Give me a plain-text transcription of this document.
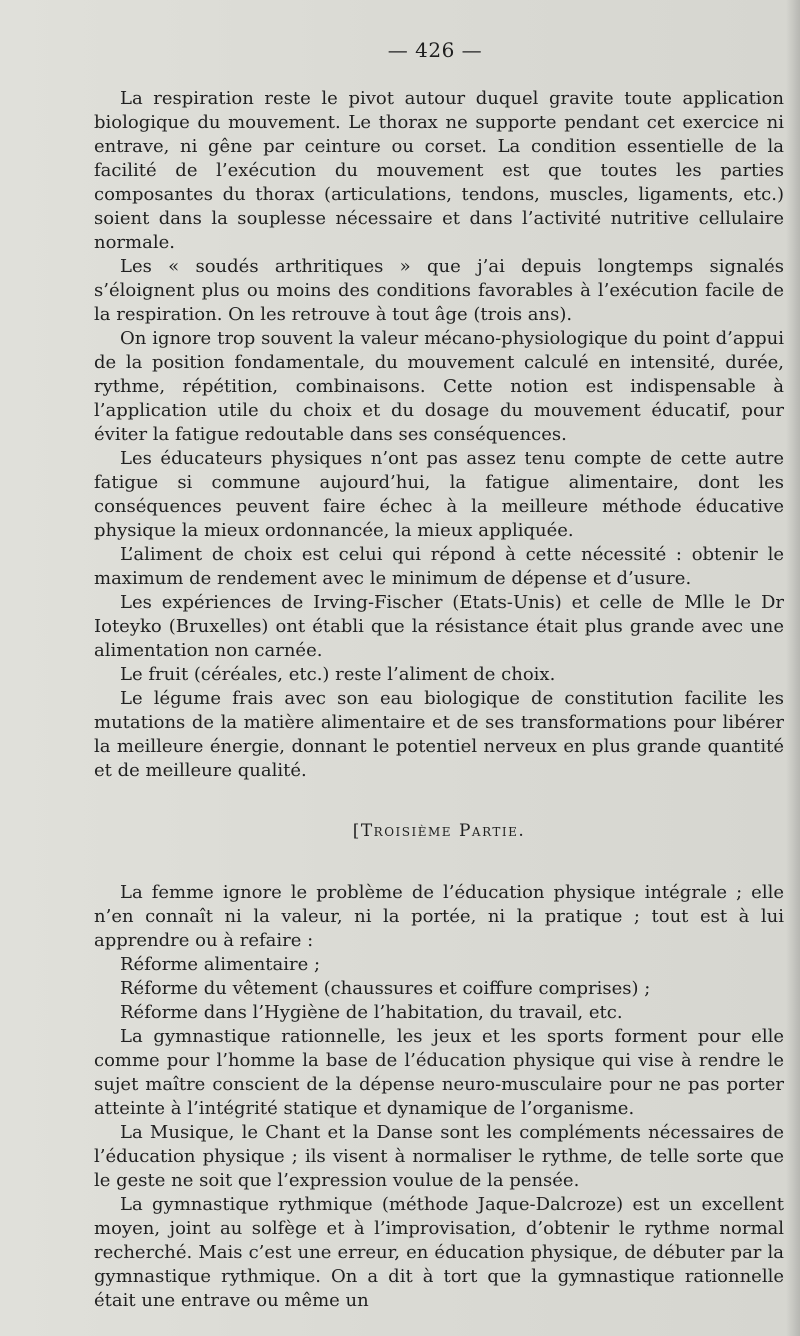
— 426 —

La respiration reste le pivot autour duquel gravite toute application biologique du mouvement. Le thorax ne supporte pendant cet exercice ni entrave, ni gêne par ceinture ou corset. La condition essentielle de la facilité de l’exécution du mouvement est que toutes les parties composantes du thorax (articulations, tendons, muscles, ligaments, etc.) soient dans la souplesse nécessaire et dans l’activité nutritive cellulaire normale.

Les « soudés arthritiques » que j’ai depuis longtemps signalés s’éloignent plus ou moins des conditions favorables à l’exécution facile de la respiration. On les retrouve à tout âge (trois ans).

On ignore trop souvent la valeur mécano-physiologique du point d’appui de la position fondamentale, du mouvement calculé en intensité, durée, rythme, répétition, combinaisons. Cette notion est indispensable à l’application utile du choix et du dosage du mouvement éducatif, pour éviter la fatigue redoutable dans ses conséquences.

Les éducateurs physiques n’ont pas assez tenu compte de cette autre fatigue si commune aujourd’hui, la fatigue alimentaire, dont les conséquences peuvent faire échec à la meilleure méthode éducative physique la mieux ordonnancée, la mieux appliquée.

L’aliment de choix est celui qui répond à cette nécessité : obtenir le maximum de rendement avec le minimum de dépense et d’usure.

Les expériences de Irving-Fischer (Etats-Unis) et celle de Mlle le Dr Ioteyko (Bruxelles) ont établi que la résistance était plus grande avec une alimentation non carnée.

Le fruit (céréales, etc.) reste l’aliment de choix.

Le légume frais avec son eau biologique de constitution facilite les mutations de la matière alimentaire et de ses transformations pour libérer la meilleure énergie, donnant le potentiel nerveux en plus grande quantité et de meilleure qualité.

[Troisième Partie.

La femme ignore le problème de l’éducation physique intégrale ; elle n’en connaît ni la valeur, ni la portée, ni la pratique ; tout est à lui apprendre ou à refaire :

Réforme alimentaire ;

Réforme du vêtement (chaussures et coiffure comprises) ;

Réforme dans l’Hygiène de l’habitation, du travail, etc.

La gymnastique rationnelle, les jeux et les sports forment pour elle comme pour l’homme la base de l’éducation physique qui vise à rendre le sujet maître conscient de la dépense neuro-musculaire pour ne pas porter atteinte à l’intégrité statique et dynamique de l’organisme.

La Musique, le Chant et la Danse sont les compléments nécessaires de l’éducation physique ; ils visent à normaliser le rythme, de telle sorte que le geste ne soit que l’expression voulue de la pensée.

La gymnastique rythmique (méthode Jaque-Dalcroze) est un excellent moyen, joint au solfège et à l’improvisation, d’obtenir le rythme normal recherché. Mais c’est une erreur, en éducation physique, de débuter par la gymnastique rythmique. On a dit à tort que la gymnastique rationnelle était une entrave ou même un
